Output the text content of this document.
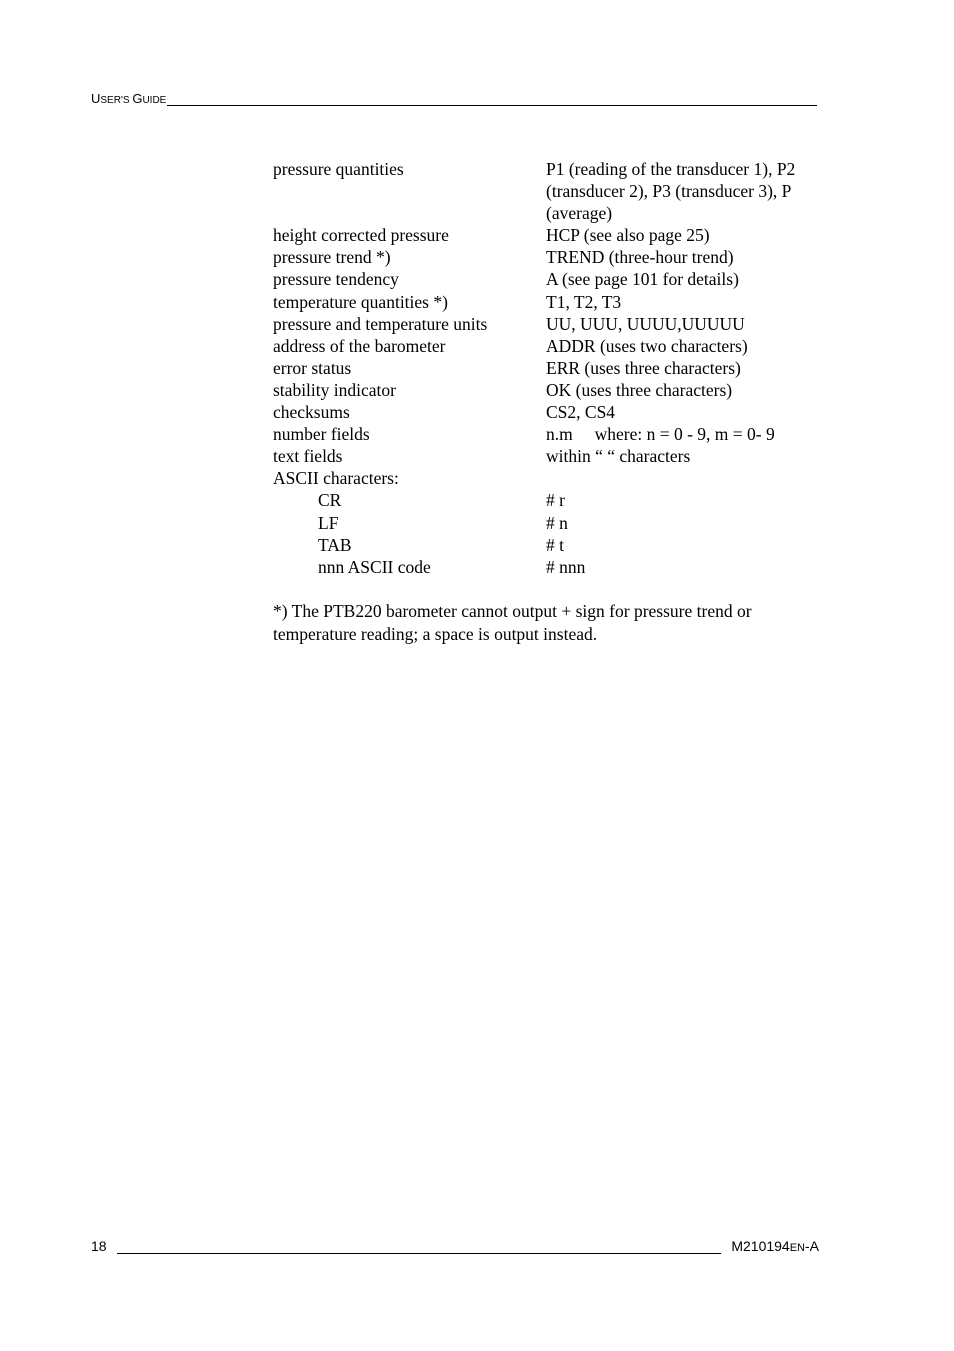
USER'S GUIDE
pressure quantities	P1 (reading of the transducer 1), P2 (transducer 2), P3 (transducer 3), P (average)
height corrected pressure	HCP (see also page 25)
pressure trend *)	TREND (three-hour trend)
pressure tendency	A (see page 101 for details)
temperature quantities *)	T1, T2, T3
pressure and temperature units	UU, UUU, UUUU,UUUUU
address of the barometer	ADDR (uses two characters)
error status	ERR (uses three characters)
stability indicator	OK (uses three characters)
checksums	CS2, CS4
number fields	n.m     where: n = 0 - 9, m = 0- 9
text fields	within “ “ characters
ASCII characters:
CR	# r
LF	# n
TAB	# t
nnn ASCII code	# nnn
*) The PTB220 barometer cannot output + sign for pressure trend or temperature reading; a space is output instead.
18	M210194EN-A
